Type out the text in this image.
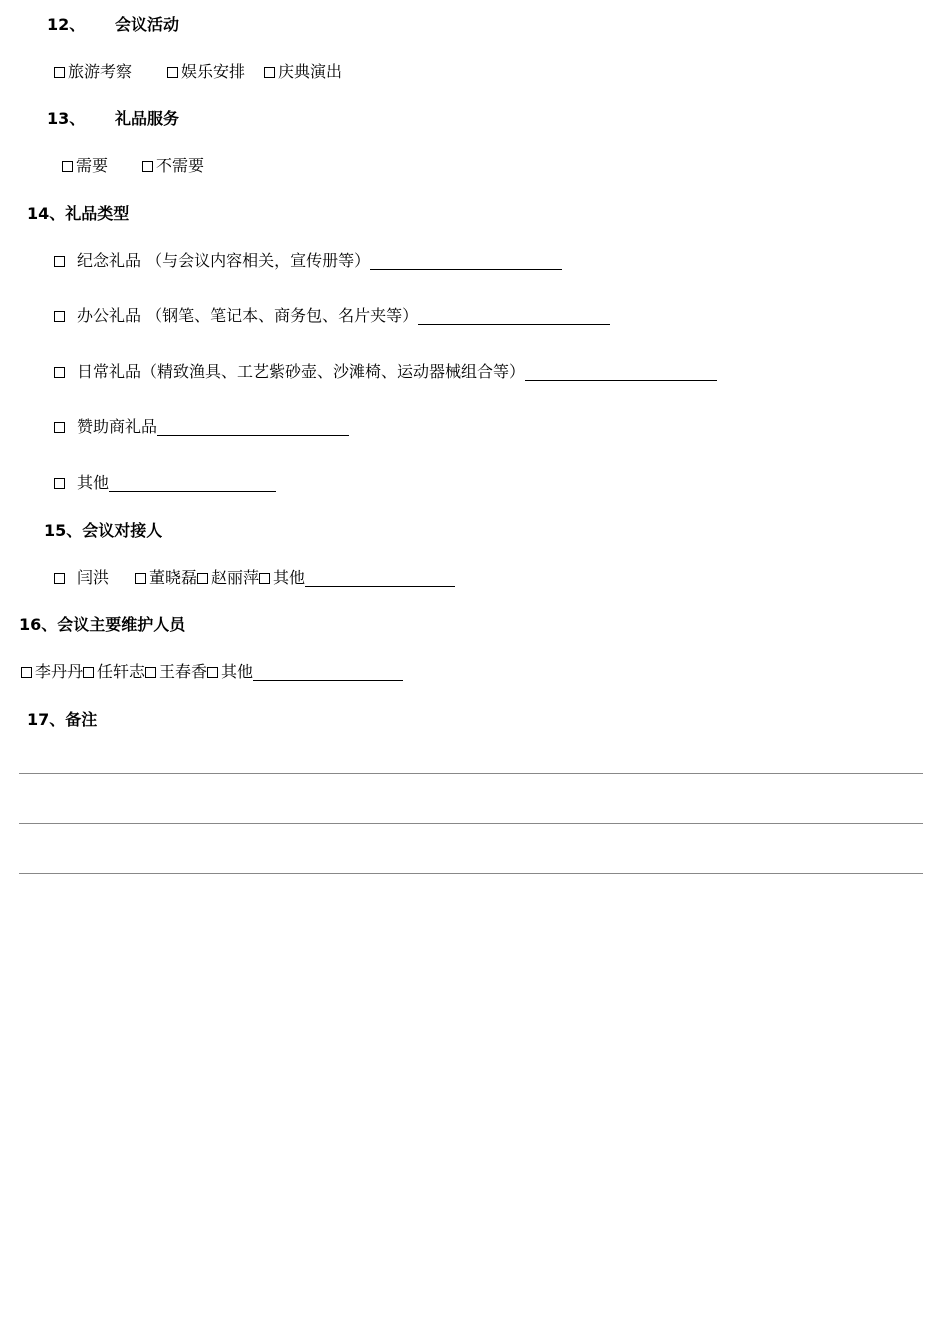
12、 会议活动
旅游考察	娱乐安排 庆典演出
13、 礼品服务
需要	不需要
14、礼品类型
纪念礼品 （与会议内容相关，宣传册等）
办公礼品 （钢笔、笔记本、商务包、名片夹等）
日常礼品（精致渔具、工艺紫砂壶、沙滩椅、运动器械组合等）
赞助商礼品
其他
15、会议对接人
闫洪	董晓磊 赵丽萍 其他
16、会议主要维护人员
李丹丹 任轩志 王春香 其他
17、备注
